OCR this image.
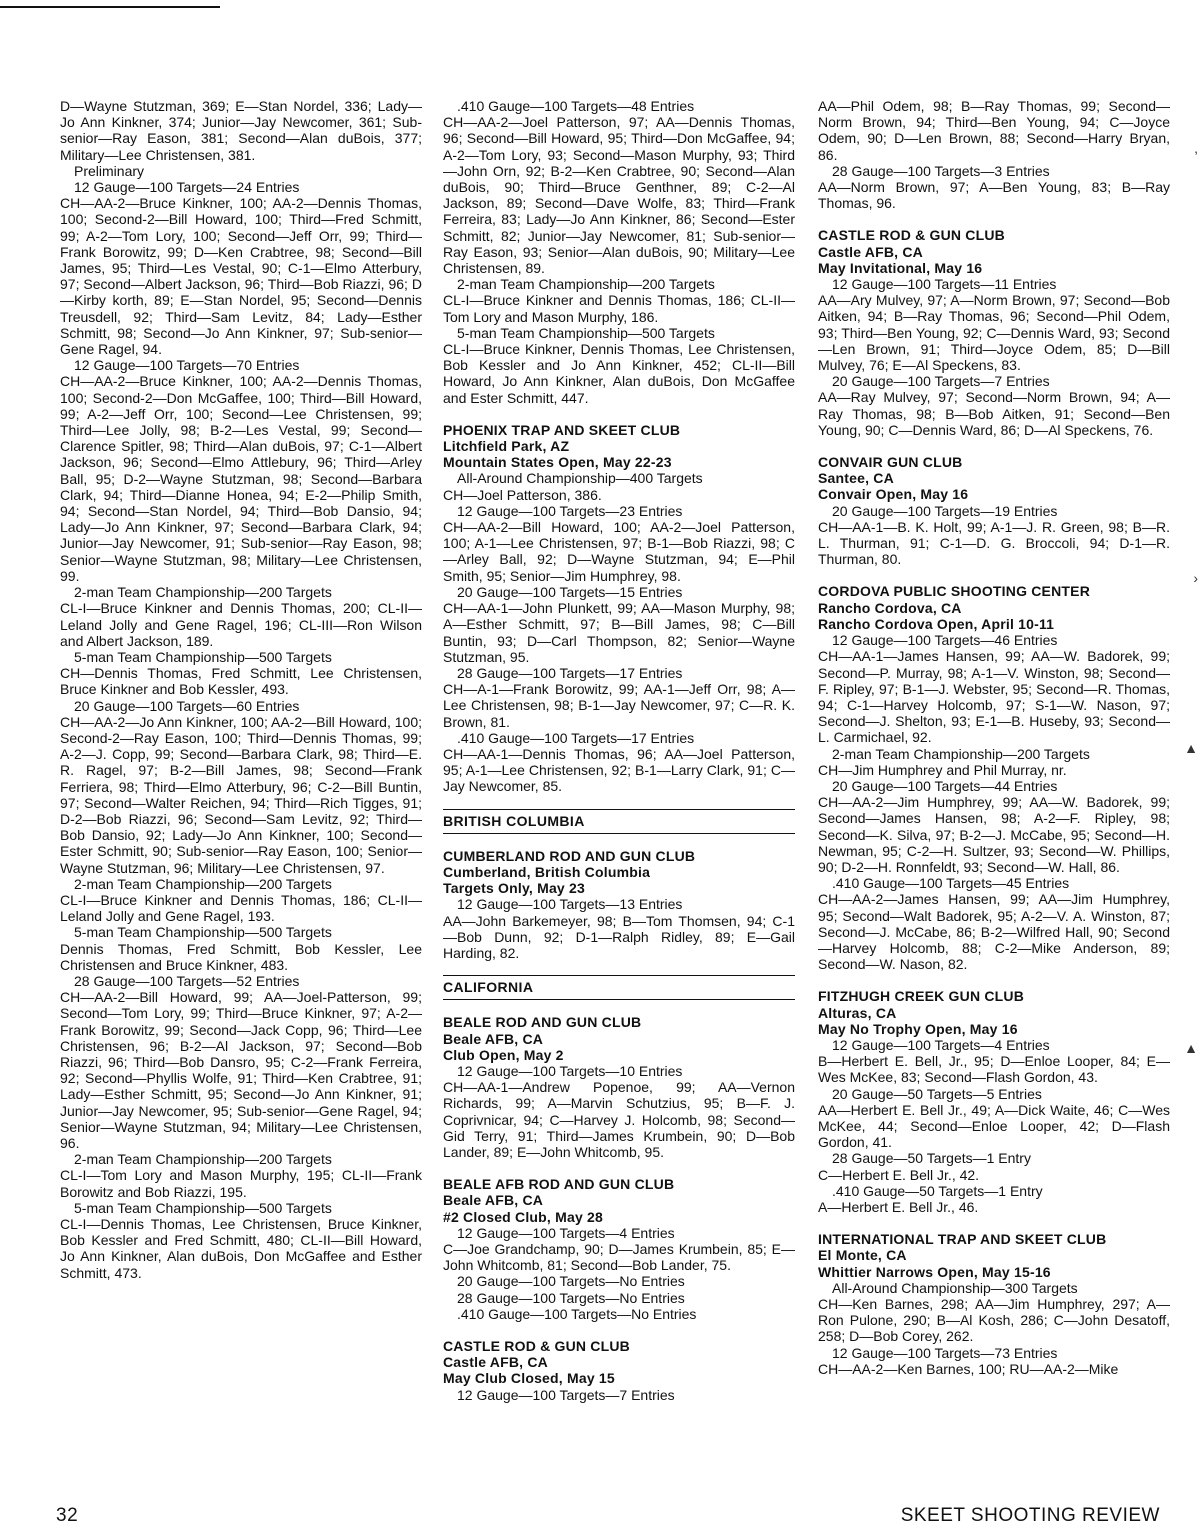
D—Wayne Stutzman, 369; E—Stan Nordel, 336; Lady—Jo Ann Kinkner, 374; Junior—Jay Newcomer, 361; Sub-senior—Ray Eason, 381; Second—Alan duBois, 377; Military—Lee Christensen, 381.
Preliminary
12 Gauge—100 Targets—24 Entries
CH—AA-2—Bruce Kinkner, 100; AA-2—Dennis Thomas, 100; Second-2—Bill Howard, 100; Third—Fred Schmitt, 99; A-2—Tom Lory, 100; Second—Jeff Orr, 99; Third—Frank Borowitz, 99; D—Ken Crabtree, 98; Second—Bill James, 95; Third—Les Vestal, 90; C-1—Elmo Atterbury, 97; Second—Albert Jackson, 96; Third—Bob Riazzi, 96; D—Kirby korth, 89; E—Stan Nordel, 95; Second—Dennis Treusdell, 92; Third—Sam Levitz, 84; Lady—Esther Schmitt, 98; Second—Jo Ann Kinkner, 97; Sub-senior—Gene Ragel, 94.
12 Gauge—100 Targets—70 Entries
CH—AA-2—Bruce Kinkner, 100; AA-2—Dennis Thomas, 100; Second-2—Don McGaffee, 100; Third—Bill Howard, 99; A-2—Jeff Orr, 100; Second—Lee Christensen, 99; Third—Lee Jolly, 98; B-2—Les Vestal, 99; Second—Clarence Spitler, 98; Third—Alan duBois, 97; C-1—Albert Jackson, 96; Second—Elmo Attlebury, 96; Third—Arley Ball, 95; D-2—Wayne Stutzman, 98; Second—Barbara Clark, 94; Third—Dianne Honea, 94; E-2—Philip Smith, 94; Second—Stan Nordel, 94; Third—Bob Dansio, 94; Lady—Jo Ann Kinkner, 97; Second—Barbara Clark, 94; Junior—Jay Newcomer, 91; Sub-senior—Ray Eason, 98; Senior—Wayne Stutzman, 98; Military—Lee Christensen, 99.
2-man Team Championship—200 Targets
CL-I—Bruce Kinkner and Dennis Thomas, 200; CL-II—Leland Jolly and Gene Ragel, 196; CL-III—Ron Wilson and Albert Jackson, 189.
5-man Team Championship—500 Targets
CH—Dennis Thomas, Fred Schmitt, Lee Christensen, Bruce Kinkner and Bob Kessler, 493.
20 Gauge—100 Targets—60 Entries
CH—AA-2—Jo Ann Kinkner, 100; AA-2—Bill Howard, 100; Second-2—Ray Eason, 100; Third—Dennis Thomas, 99; A-2—J. Copp, 99; Second—Barbara Clark, 98; Third—E. R. Ragel, 97; B-2—Bill James, 98; Second—Frank Ferriera, 98; Third—Elmo Atterbury, 96; C-2—Bill Buntin, 97; Second—Walter Reichen, 94; Third—Rich Tigges, 91; D-2—Bob Riazzi, 96; Second—Sam Levitz, 92; Third—Bob Dansio, 92; Lady—Jo Ann Kinkner, 100; Second—Ester Schmitt, 90; Sub-senior—Ray Eason, 100; Senior—Wayne Stutzman, 96; Military—Lee Christensen, 97.
2-man Team Championship—200 Targets
CL-I—Bruce Kinkner and Dennis Thomas, 186; CL-II—Leland Jolly and Gene Ragel, 193.
5-man Team Championship—500 Targets
Dennis Thomas, Fred Schmitt, Bob Kessler, Lee Christensen and Bruce Kinkner, 483.
28 Gauge—100 Targets—52 Entries
CH—AA-2—Bill Howard, 99; AA—Joel-Patterson, 99; Second—Tom Lory, 99; Third—Bruce Kinkner, 97; A-2—Frank Borowitz, 99; Second—Jack Copp, 96; Third—Lee Christensen, 96; B-2—Al Jackson, 97; Second—Bob Riazzi, 96; Third—Bob Dansro, 95; C-2—Frank Ferreira, 92; Second—Phyllis Wolfe, 91; Third—Ken Crabtree, 91; Lady—Esther Schmitt, 95; Second—Jo Ann Kinkner, 91; Junior—Jay Newcomer, 95; Sub-senior—Gene Ragel, 94; Senior—Wayne Stutzman, 94; Military—Lee Christensen, 96.
2-man Team Championship—200 Targets
CL-I—Tom Lory and Mason Murphy, 195; CL-II—Frank Borowitz and Bob Riazzi, 195.
5-man Team Championship—500 Targets
CL-I—Dennis Thomas, Lee Christensen, Bruce Kinkner, Bob Kessler and Fred Schmitt, 480; CL-II—Bill Howard, Jo Ann Kinkner, Alan duBois, Don McGaffee and Esther Schmitt, 473.
.410 Gauge—100 Targets—48 Entries
CH—AA-2—Joel Patterson, 97; AA—Dennis Thomas, 96; Second—Bill Howard, 95; Third—Don McGaffee, 94; A-2—Tom Lory, 93; Second—Mason Murphy, 93; Third—John Orn, 92; B-2—Ken Crabtree, 90; Second—Alan duBois, 90; Third—Bruce Genthner, 89; C-2—Al Jackson, 89; Second—Dave Wolfe, 83; Third—Frank Ferreira, 83; Lady—Jo Ann Kinkner, 86; Second—Ester Schmitt, 82; Junior—Jay Newcomer, 81; Sub-senior—Ray Eason, 93; Senior—Alan duBois, 90; Military—Lee Christensen, 89.
2-man Team Championship—200 Targets
CL-I—Bruce Kinkner and Dennis Thomas, 186; CL-II—Tom Lory and Mason Murphy, 186.
5-man Team Championship—500 Targets
CL-I—Bruce Kinkner, Dennis Thomas, Lee Christensen, Bob Kessler and Jo Ann Kinkner, 452; CL-II—Bill Howard, Jo Ann Kinkner, Alan duBois, Don McGaffee and Ester Schmitt, 447.
PHOENIX TRAP AND SKEET CLUB
Litchfield Park, AZ
Mountain States Open, May 22-23
All-Around Championship—400 Targets
CH—Joel Patterson, 386.
12 Gauge—100 Targets—23 Entries
CH—AA-2—Bill Howard, 100; AA-2—Joel Patterson, 100; A-1—Lee Christensen, 97; B-1—Bob Riazzi, 98; C—Arley Ball, 92; D—Wayne Stutzman, 94; E—Phil Smith, 95; Senior—Jim Humphrey, 98.
20 Gauge—100 Targets—15 Entries
CH—AA-1—John Plunkett, 99; AA—Mason Murphy, 98; A—Esther Schmitt, 97; B—Bill James, 98; C—Bill Buntin, 93; D—Carl Thompson, 82; Senior—Wayne Stutzman, 95.
28 Gauge—100 Targets—17 Entries
CH—A-1—Frank Borowitz, 99; AA-1—Jeff Orr, 98; A—Lee Christensen, 98; B-1—Jay Newcomer, 97; C—R. K. Brown, 81.
.410 Gauge—100 Targets—17 Entries
CH—AA-1—Dennis Thomas, 96; AA—Joel Patterson, 95; A-1—Lee Christensen, 92; B-1—Larry Clark, 91; C—Jay Newcomer, 85.
BRITISH COLUMBIA
CUMBERLAND ROD AND GUN CLUB
Cumberland, British Columbia
Targets Only, May 23
12 Gauge—100 Targets—13 Entries
AA—John Barkemeyer, 98; B—Tom Thomsen, 94; C-1—Bob Dunn, 92; D-1—Ralph Ridley, 89; E—Gail Harding, 82.
CALIFORNIA
BEALE ROD AND GUN CLUB
Beale AFB, CA
Club Open, May 2
12 Gauge—100 Targets—10 Entries
CH—AA-1—Andrew Popenoe, 99; AA—Vernon Richards, 99; A—Marvin Schutzius, 95; B—F. J. Coprivnicar, 94; C—Harvey J. Holcomb, 98; Second—Gid Terry, 91; Third—James Krumbein, 90; D—Bob Lander, 89; E—John Whitcomb, 95.
BEALE AFB ROD AND GUN CLUB
Beale AFB, CA
#2 Closed Club, May 28
12 Gauge—100 Targets—4 Entries
C—Joe Grandchamp, 90; D—James Krumbein, 85; E—John Whitcomb, 81; Second—Bob Lander, 75.
20 Gauge—100 Targets—No Entries
28 Gauge—100 Targets—No Entries
.410 Gauge—100 Targets—No Entries
CASTLE ROD & GUN CLUB
Castle AFB, CA
May Club Closed, May 15
12 Gauge—100 Targets—7 Entries
AA—Phil Odem, 98; B—Ray Thomas, 99; Second—Norm Brown, 94; Third—Ben Young, 94; C—Joyce Odem, 90; D—Len Brown, 88; Second—Harry Bryan, 86.
28 Gauge—100 Targets—3 Entries
AA—Norm Brown, 97; A—Ben Young, 83; B—Ray Thomas, 96.
CASTLE ROD & GUN CLUB
Castle AFB, CA
May Invitational, May 16
12 Gauge—100 Targets—11 Entries
AA—Ary Mulvey, 97; A—Norm Brown, 97; Second—Bob Aitken, 94; B—Ray Thomas, 96; Second—Phil Odem, 93; Third—Ben Young, 92; C—Dennis Ward, 93; Second—Len Brown, 91; Third—Joyce Odem, 85; D—Bill Mulvey, 76; E—Al Speckens, 83.
20 Gauge—100 Targets—7 Entries
AA—Ray Mulvey, 97; Second—Norm Brown, 94; A—Ray Thomas, 98; B—Bob Aitken, 91; Second—Ben Young, 90; C—Dennis Ward, 86; D—Al Speckens, 76.
CONVAIR GUN CLUB
Santee, CA
Convair Open, May 16
20 Gauge—100 Targets—19 Entries
CH—AA-1—B. K. Holt, 99; A-1—J. R. Green, 98; B—R. L. Thurman, 91; C-1—D. G. Broccoli, 94; D-1—R. Thurman, 80.
CORDOVA PUBLIC SHOOTING CENTER
Rancho Cordova, CA
Rancho Cordova Open, April 10-11
12 Gauge—100 Targets—46 Entries
CH—AA-1—James Hansen, 99; AA—W. Badorek, 99; Second—P. Murray, 98; A-1—V. Winston, 98; Second—F. Ripley, 97; B-1—J. Webster, 95; Second—R. Thomas, 94; C-1—Harvey Holcomb, 97; S-1—W. Nason, 97; Second—J. Shelton, 93; E-1—B. Huseby, 93; Second—L. Carmichael, 92.
2-man Team Championship—200 Targets
CH—Jim Humphrey and Phil Murray, nr.
20 Gauge—100 Targets—44 Entries
CH—AA-2—Jim Humphrey, 99; AA—W. Badorek, 99; Second—James Hansen, 98; A-2—F. Ripley, 98; Second—K. Silva, 97; B-2—J. McCabe, 95; Second—H. Newman, 95; C-2—H. Sultzer, 93; Second—W. Phillips, 90; D-2—H. Ronnfeldt, 93; Second—W. Hall, 86.
.410 Gauge—100 Targets—45 Entries
CH—AA-2—James Hansen, 99; AA—Jim Humphrey, 95; Second—Walt Badorek, 95; A-2—V. A. Winston, 87; Second—J. McCabe, 86; B-2—Wilfred Hall, 90; Second—Harvey Holcomb, 88; C-2—Mike Anderson, 89; Second—W. Nason, 82.
FITZHUGH CREEK GUN CLUB
Alturas, CA
May No Trophy Open, May 16
12 Gauge—100 Targets—4 Entries
B—Herbert E. Bell, Jr., 95; D—Enloe Looper, 84; E—Wes McKee, 83; Second—Flash Gordon, 43.
20 Gauge—50 Targets—5 Entries
AA—Herbert E. Bell Jr., 49; A—Dick Waite, 46; C—Wes McKee, 44; Second—Enloe Looper, 42; D—Flash Gordon, 41.
28 Gauge—50 Targets—1 Entry
C—Herbert E. Bell Jr., 42.
.410 Gauge—50 Targets—1 Entry
A—Herbert E. Bell Jr., 46.
INTERNATIONAL TRAP AND SKEET CLUB
El Monte, CA
Whittier Narrows Open, May 15-16
All-Around Championship—300 Targets
CH—Ken Barnes, 298; AA—Jim Humphrey, 297; A—Ron Pulone, 290; B—Al Kosh, 286; C—John Desatoff, 258; D—Bob Corey, 262.
12 Gauge—100 Targets—73 Entries
CH—AA-2—Ken Barnes, 100; RU—AA-2—Mike
32	SKEET SHOOTING REVIEW
,
›
▲
▲
